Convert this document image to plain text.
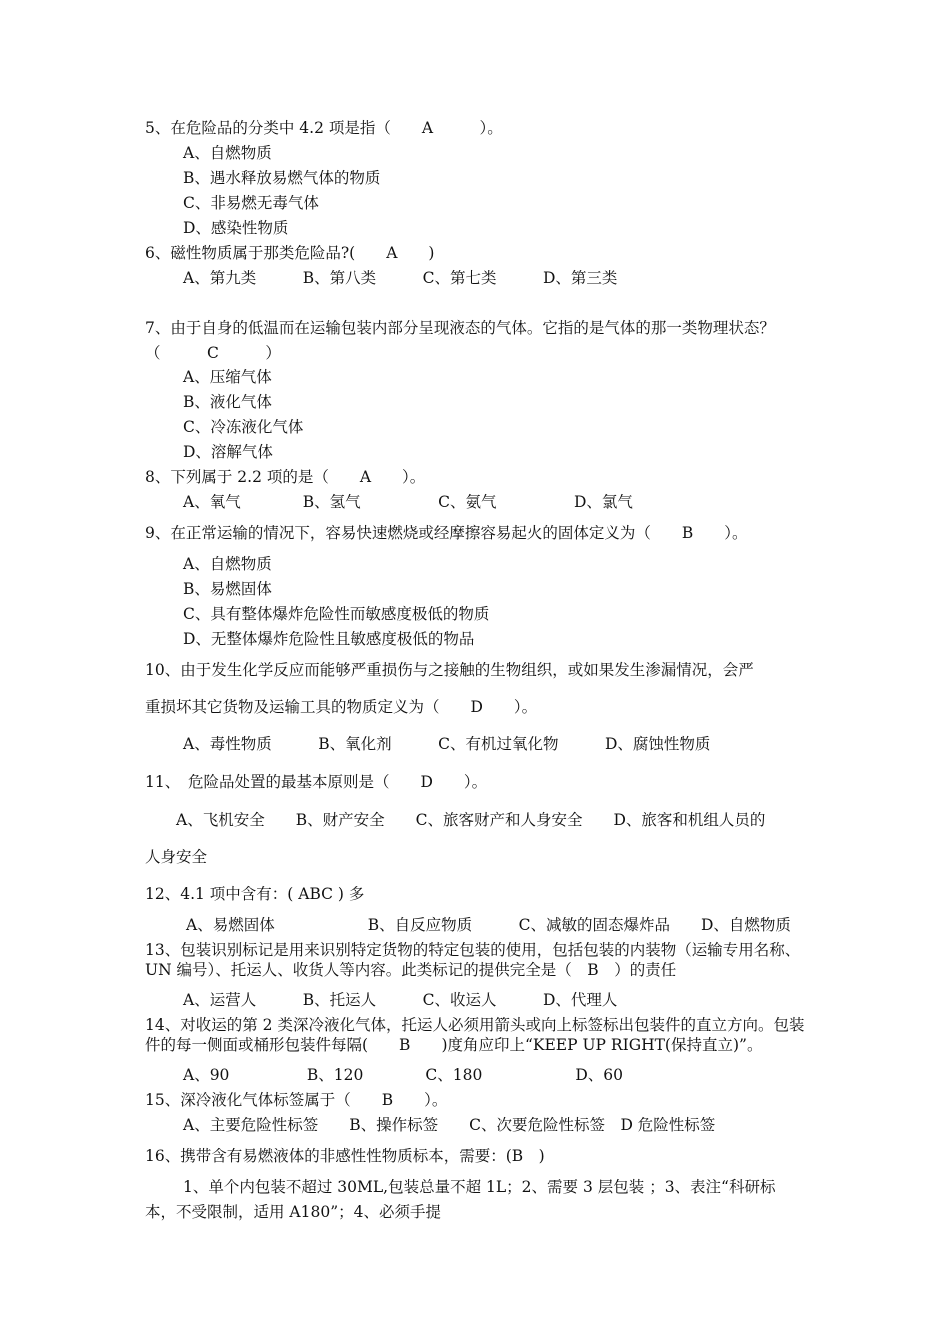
5、在危险品的分类中 4.2 项是指（　　A　　　）。
A、自燃物质
B、遇水释放易燃气体的物质
C、非易燃无毒气体
D、感染性物质
6、磁性物质属于那类危险品?(　　A　　)
A、第九类　　　B、第八类　　　C、第七类　　　D、第三类
7、由于自身的低温而在运输包装内部分呈现液态的气体。它指的是气体的那一类物理状态？
（　　　C　　　）
A、压缩气体
B、液化气体
C、冷冻液化气体
D、溶解气体
8、下列属于 2.2 项的是（　　A　　）。
A、氧气　　　　B、氢气　　　　　C、氨气　　　　　D、氯气
9、在正常运输的情况下，容易快速燃烧或经摩擦容易起火的固体定义为（　　B　　）。
A、自燃物质
B、易燃固体
C、具有整体爆炸危险性而敏感度极低的物质
D、无整体爆炸危险性且敏感度极低的物品
10、由于发生化学反应而能够严重损伤与之接触的生物组织，或如果发生渗漏情况，会严
重损坏其它货物及运输工具的物质定义为（　　D　　）。
A、毒性物质　　　B、氧化剂　　　C、有机过氧化物　　　D、腐蚀性物质
11、　危险品处置的最基本原则是（　　D　　）。
A、飞机安全　　B、财产安全　　C、旅客财产和人身安全　　D、旅客和机组人员的
人身安全
12、4.1 项中含有：( ABC ) 多
A、易燃固体　　　　　　B、自反应物质　　　C、减敏的固态爆炸品　　D、自燃物质
13、包装识别标记是用来识别特定货物的特定包装的使用，包括包装的内装物（运输专用名称、UN 编号）、托运人、收货人等内容。此类标记的提供完全是（　B　）的责任
A、运营人　　　B、托运人　　　C、收运人　　　D、代理人
14、对收运的第 2 类深冷液化气体，托运人必须用箭头或向上标签标出包装件的直立方向。包装件的每一侧面或桶形包装件每隔(　　B　　)度角应印上“KEEP UP RIGHT(保持直立)”。
A、90　　　　　B、120　　　　C、180　　　　　　D、60
15、深冷液化气体标签属于（　　B　　）。
A、主要危险性标签　　B、操作标签　　C、次要危险性标签　D 危险性标签
16、携带含有易燃液体的非感性性物质标本，需要：(B　)
1、单个内包装不超过 30ML,包装总量不超 1L；2、需要 3 层包装 ；3、表注“科研标
本，不受限制，适用 A180”；4、必须手提
